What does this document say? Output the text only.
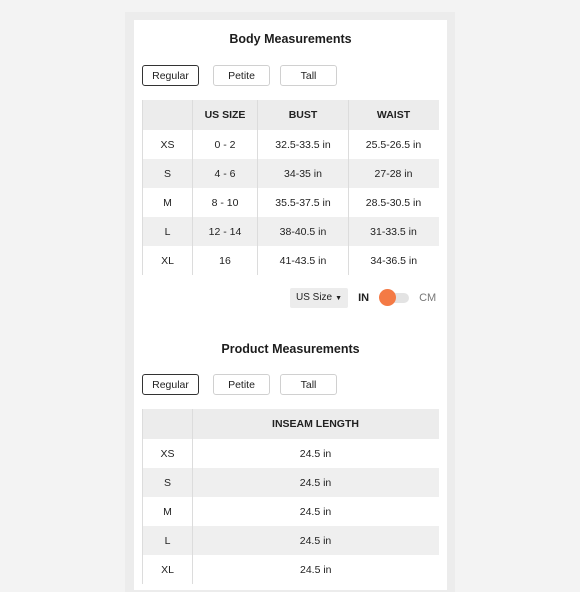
Body Measurements
Regular	Petite	Tall
	US SIZE	BUST	WAIST
XS	0 - 2	32.5-33.5 in	25.5-26.5 in
S	4 - 6	34-35 in	27-28 in
M	8 - 10	35.5-37.5 in	28.5-30.5 in
L	12 - 14	38-40.5 in	31-33.5 in
XL	16	41-43.5 in	34-36.5 in
US Size ▼	IN	CM
Product Measurements
Regular	Petite	Tall
	INSEAM LENGTH
XS	24.5 in
S	24.5 in
M	24.5 in
L	24.5 in
XL	24.5 in
